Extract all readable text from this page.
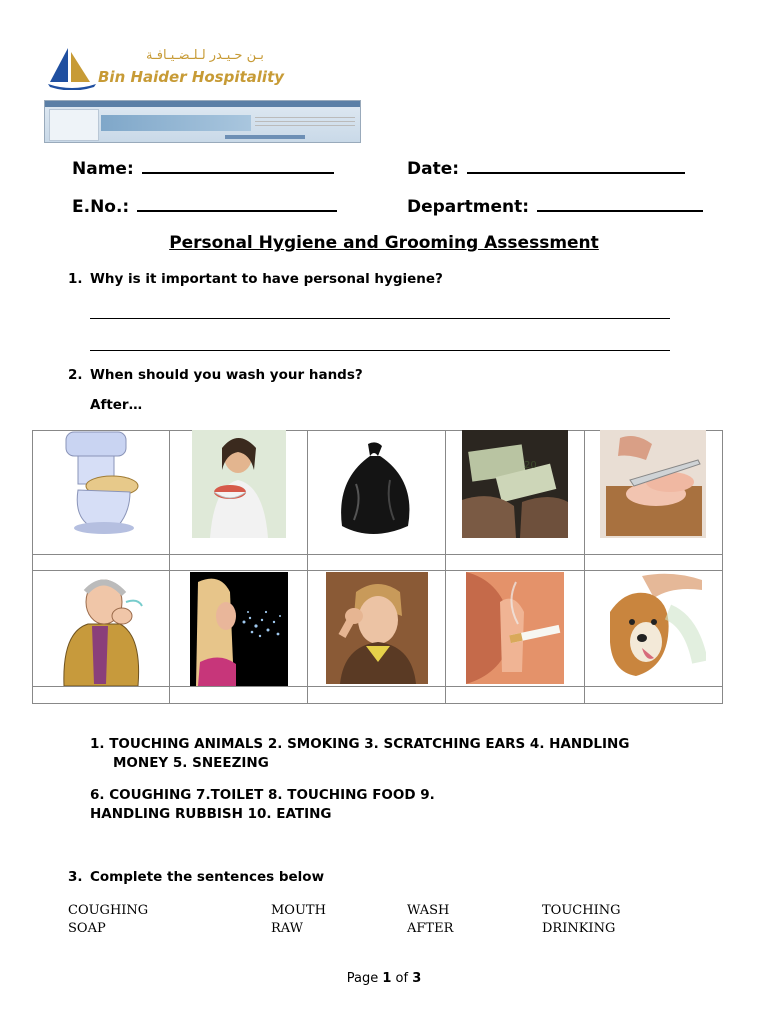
بـن حـيـدر لـلـضـيـافـة
Bin Haider Hospitality
Name:	Date:
E.No.:	Department:
Personal Hygiene and Grooming Assessment
1. Why is it important to have personal hygiene?
2. When should you wash your hands?
After…
20
1. TOUCHING ANIMALS 2. SMOKING 3. SCRATCHING EARS 4. HANDLING
MONEY 5. SNEEZING
6. COUGHING 7.TOILET 8. TOUCHING FOOD 9.
HANDLING RUBBISH 10. EATING
3. Complete the sentences below
COUGHING	MOUTH	WASH	TOUCHING
SOAP	RAW	AFTER	DRINKING
Page 1 of 3
